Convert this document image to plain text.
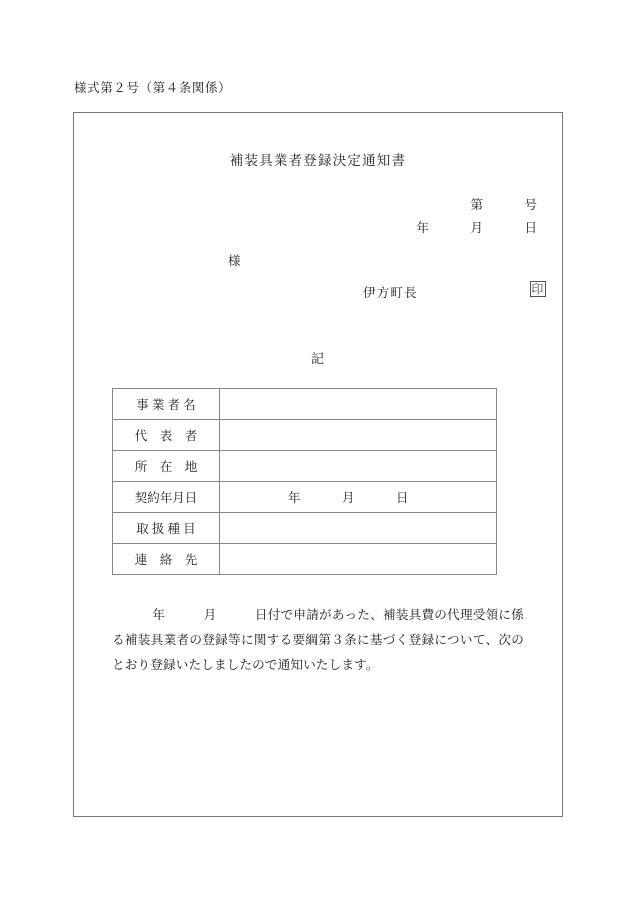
様式第２号（第４条関係）
補装具業者登録決定通知書
第　　　号
年　　　月　　　日
様
伊方町長	印
記
事 業 者 名	
代　表　者	
所　在　地	
契約年月日	年　　　月　　　日
取 扱 種 目	
連　絡　先	
年　　　月　　　日付で申請があった、補装具費の代理受領に係る補装具業者の登録等に関する要綱第３条に基づく登録について、次のとおり登録いたしましたので通知いたします。
